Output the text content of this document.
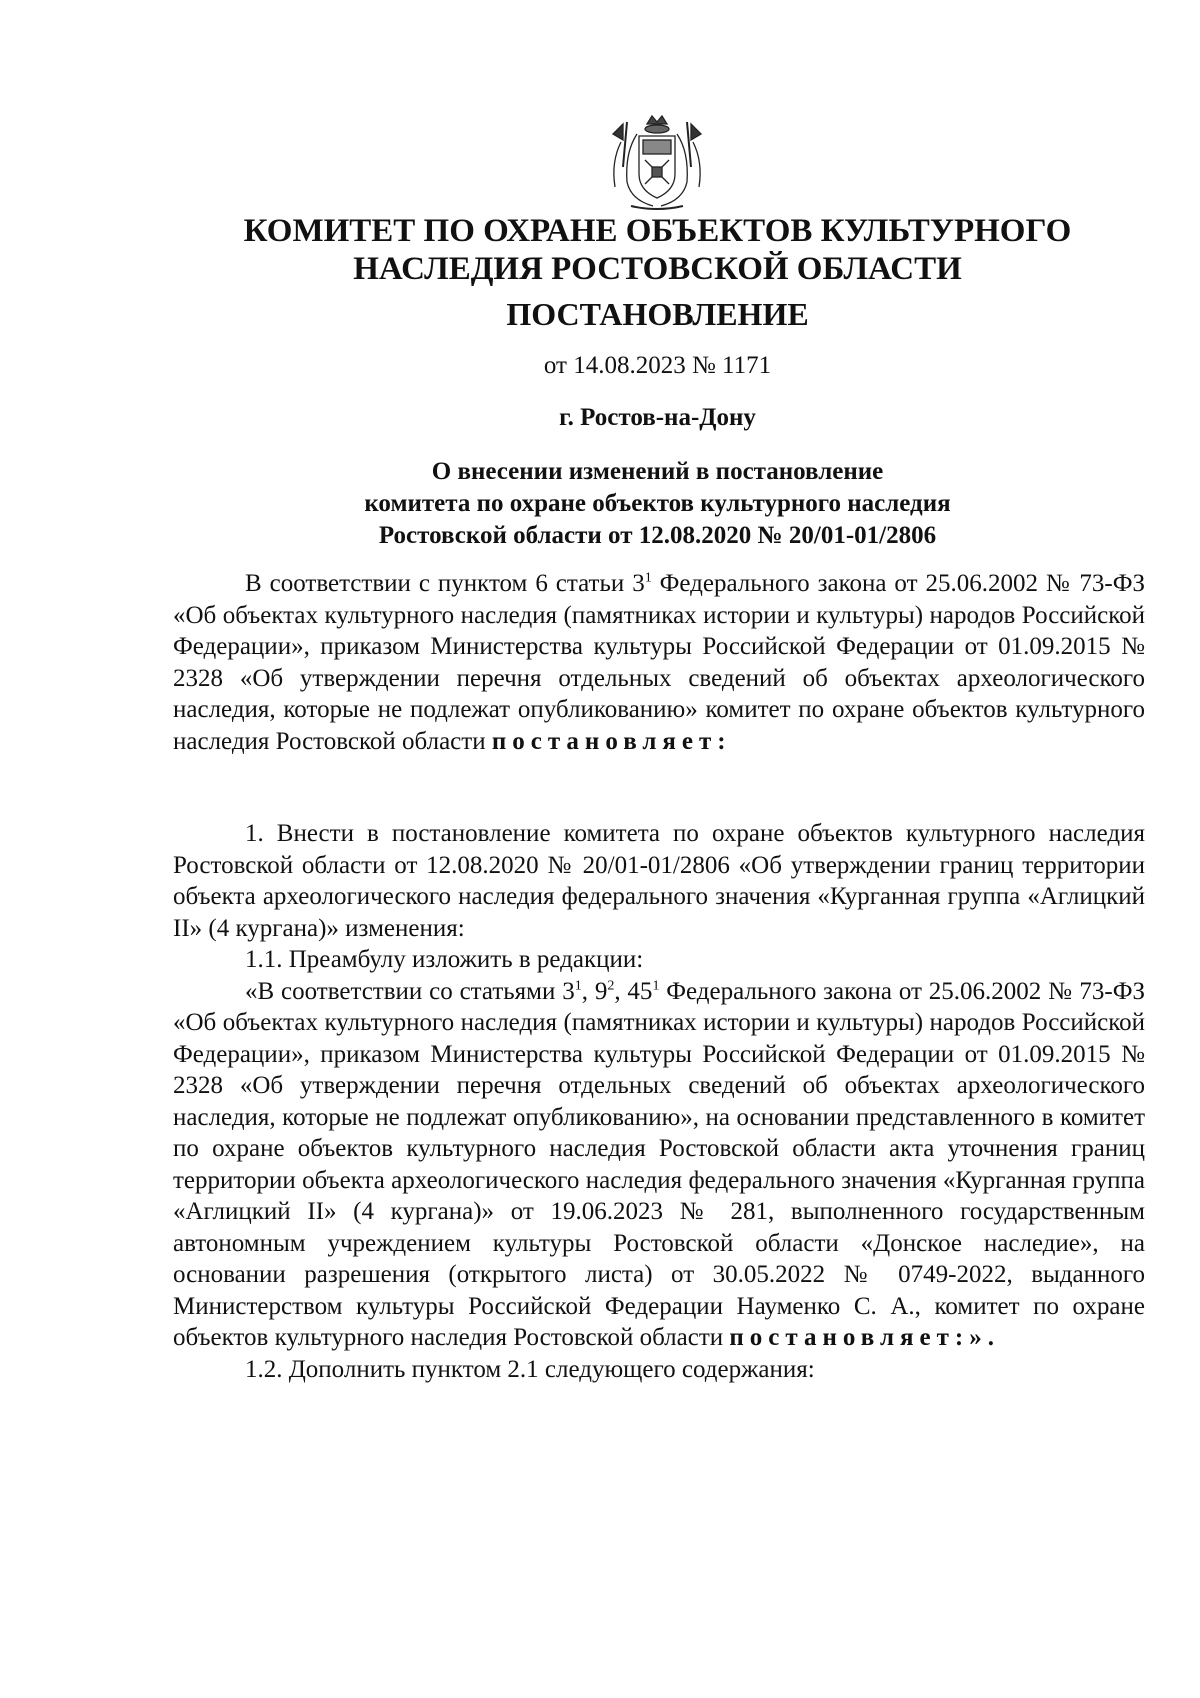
КОМИТЕТ ПО ОХРАНЕ ОБЪЕКТОВ КУЛЬТУРНОГО
НАСЛЕДИЯ РОСТОВСКОЙ ОБЛАСТИ
ПОСТАНОВЛЕНИЕ
от 14.08.2023 № 1171
г. Ростов-на-Дону
О внесении изменений в постановление
комитета по охране объектов культурного наследия
Ростовской области от 12.08.2020 № 20/01-01/2806

В соответствии с пунктом 6 статьи $3^1$ Федерального закона от 25.06.2002 № 73-ФЗ «Об объектах культурного наследия (памятниках истории и культуры) народов Российской Федерации», приказом Министерства культуры Российской Федерации от 01.09.2015 № 2328 «Об утверждении перечня отдельных сведений об объектах археологического наследия, которые не подлежат опубликованию» комитет по охране объектов культурного наследия Ростовской области постановляет:

1. Внести в постановление комитета по охране объектов культурного наследия Ростовской области от 12.08.2020 № 20/01-01/2806 «Об утверждении границ территории объекта археологического наследия федерального значения «Курганная группа «Аглицкий II» (4 кургана)» изменения:

1.1. Преамбулу изложить в редакции:

«В соответствии со статьями $3^1$, $9^2$, $45^1$ Федерального закона от 25.06.2002 № 73-ФЗ «Об объектах культурного наследия (памятниках истории и культуры) народов Российской Федерации», приказом Министерства культуры Российской Федерации от 01.09.2015 № 2328 «Об утверждении перечня отдельных сведений об объектах археологического наследия, которые не подлежат опубликованию», на основании представленного в комитет по охране объектов культурного наследия Ростовской области акта уточнения границ территории объекта археологического наследия федерального значения «Курганная группа «Аглицкий II» (4 кургана)» от 19.06.2023 № 281, выполненного государственным автономным учреждением культуры Ростовской области «Донское наследие», на основании разрешения (открытого листа) от 30.05.2022 № 0749-2022, выданного Министерством культуры Российской Федерации Науменко С. А., комитет по охране объектов культурного наследия Ростовской области постановляет:».

1.2. Дополнить пунктом 2.1 следующего содержания:
